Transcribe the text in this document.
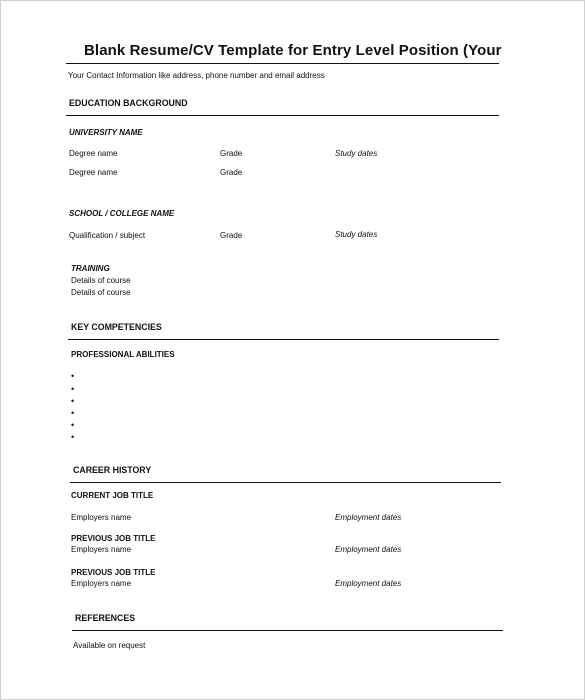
Blank Resume/CV Template for Entry Level Position (Your
Your Contact Information like address, phone number and email address
EDUCATION BACKGROUND
UNIVERSITY NAME
Degree name	Grade	Study dates
Degree name	Grade
SCHOOL / COLLEGE NAME
Qualification / subject	Grade	Study dates
TRAINING
Details of course
Details of course
KEY COMPETENCIES
PROFESSIONAL ABILITIES
•
•
•
•
•
•
CAREER HISTORY
CURRENT JOB TITLE
Employers name	Employment dates
PREVIOUS JOB TITLE
Employers name	Employment dates
PREVIOUS JOB TITLE
Employers name	Employment dates
REFERENCES
Available on request
